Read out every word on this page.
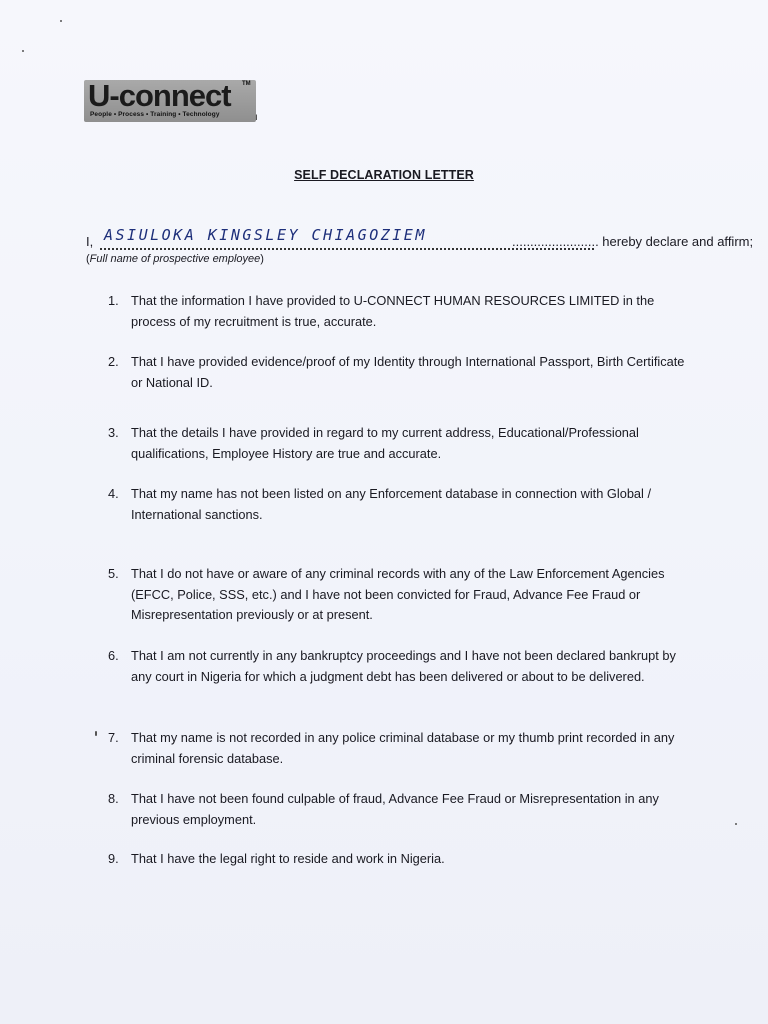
U-connect TM
People • Process • Training • Technology	ı
SELF DECLARATION LETTER
I, ASIULOKA KINGSLEY CHIAGOZIEM	........................ hereby declare and affirm;
(Full name of prospective employee)
1. That the information I have provided to U-CONNECT HUMAN RESOURCES LIMITED in the process of my recruitment is true, accurate.
2. That I have provided evidence/proof of my Identity through International Passport, Birth Certificate or National ID.
3. That the details I have provided in regard to my current address, Educational/Professional qualifications, Employee History are true and accurate.
4. That my name has not been listed on any Enforcement database in connection with Global / International sanctions.
5. That I do not have or aware of any criminal records with any of the Law Enforcement Agencies (EFCC, Police, SSS, etc.) and I have not been convicted for Fraud, Advance Fee Fraud or Misrepresentation previously or at present.
6. That I am not currently in any bankruptcy proceedings and I have not been declared bankrupt by any court in Nigeria for which a judgment debt has been delivered or about to be delivered.
7. That my name is not recorded in any police criminal database or my thumb print recorded in any criminal forensic database.
8. That I have not been found culpable of fraud, Advance Fee Fraud or Misrepresentation in any previous employment.
9. That I have the legal right to reside and work in Nigeria.
